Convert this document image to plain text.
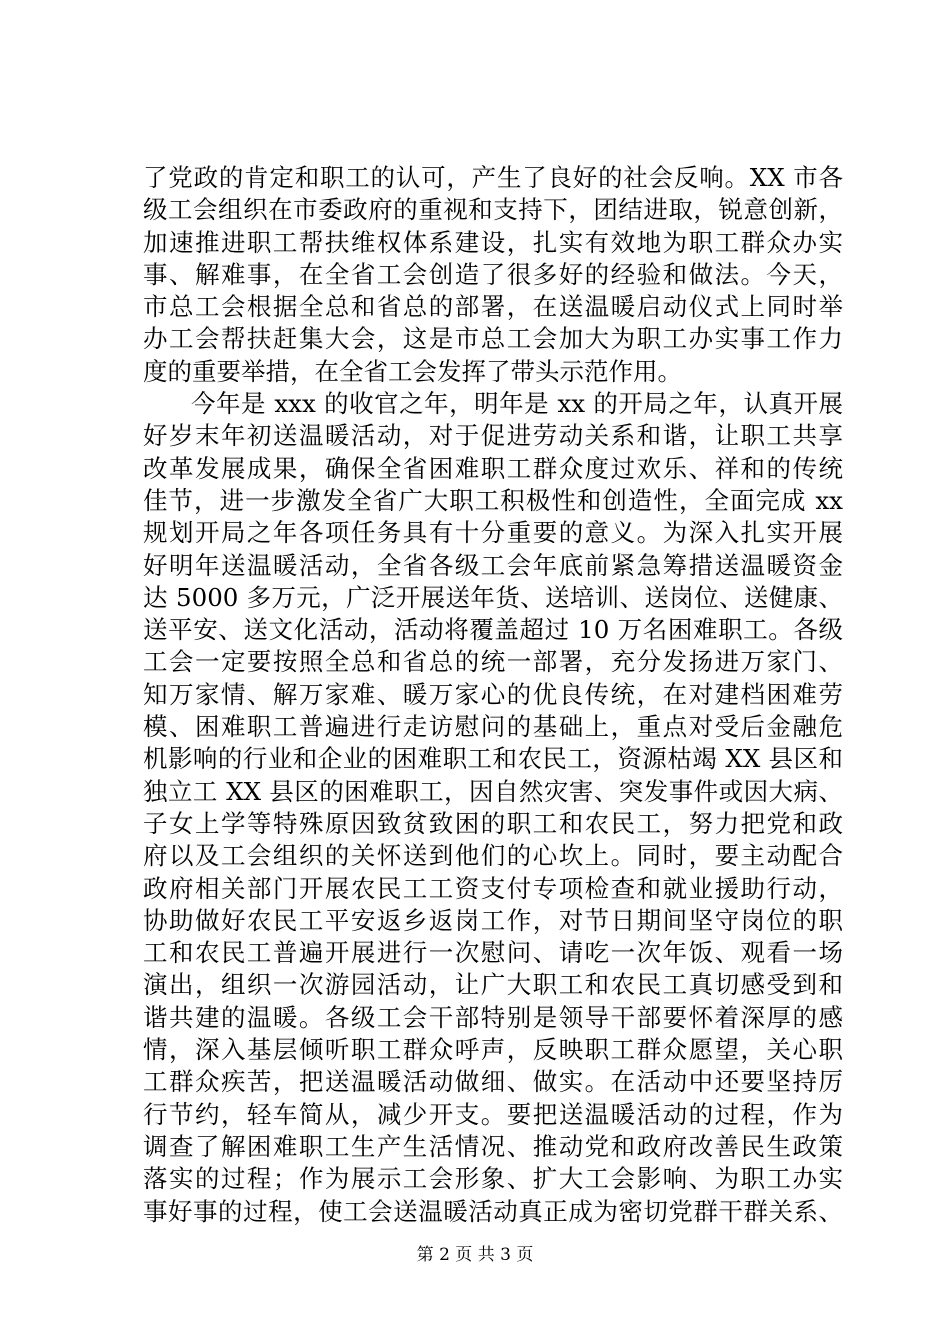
了党政的肯定和职工的认可，产生了良好的社会反响。XX 市各
级工会组织在市委政府的重视和支持下，团结进取，锐意创新，
加速推进职工帮扶维权体系建设，扎实有效地为职工群众办实
事、解难事，在全省工会创造了很多好的经验和做法。今天，
市总工会根据全总和省总的部署，在送温暖启动仪式上同时举
办工会帮扶赶集大会，这是市总工会加大为职工办实事工作力
度的重要举措，在全省工会发挥了带头示范作用。
今年是 xxx 的收官之年，明年是 xx 的开局之年，认真开展
好岁末年初送温暖活动，对于促进劳动关系和谐，让职工共享
改革发展成果，确保全省困难职工群众度过欢乐、祥和的传统
佳节，进一步激发全省广大职工积极性和创造性，全面完成 xx
规划开局之年各项任务具有十分重要的意义。为深入扎实开展
好明年送温暖活动，全省各级工会年底前紧急筹措送温暖资金
达 5000 多万元，广泛开展送年货、送培训、送岗位、送健康、
送平安、送文化活动，活动将覆盖超过 10 万名困难职工。各级
工会一定要按照全总和省总的统一部署，充分发扬进万家门、
知万家情、解万家难、暖万家心的优良传统，在对建档困难劳
模、困难职工普遍进行走访慰问的基础上，重点对受后金融危
机影响的行业和企业的困难职工和农民工，资源枯竭 XX 县区和
独立工 XX 县区的困难职工，因自然灾害、突发事件或因大病、
子女上学等特殊原因致贫致困的职工和农民工，努力把党和政
府以及工会组织的关怀送到他们的心坎上。同时，要主动配合
政府相关部门开展农民工工资支付专项检查和就业援助行动，
协助做好农民工平安返乡返岗工作，对节日期间坚守岗位的职
工和农民工普遍开展进行一次慰问、请吃一次年饭、观看一场
演出，组织一次游园活动，让广大职工和农民工真切感受到和
谐共建的温暖。各级工会干部特别是领导干部要怀着深厚的感
情，深入基层倾听职工群众呼声，反映职工群众愿望，关心职
工群众疾苦，把送温暖活动做细、做实。在活动中还要坚持厉
行节约，轻车简从，减少开支。要把送温暖活动的过程，作为
调查了解困难职工生产生活情况、推动党和政府改善民生政策
落实的过程；作为展示工会形象、扩大工会影响、为职工办实
事好事的过程，使工会送温暖活动真正成为密切党群干群关系、
第 2 页 共 3 页
